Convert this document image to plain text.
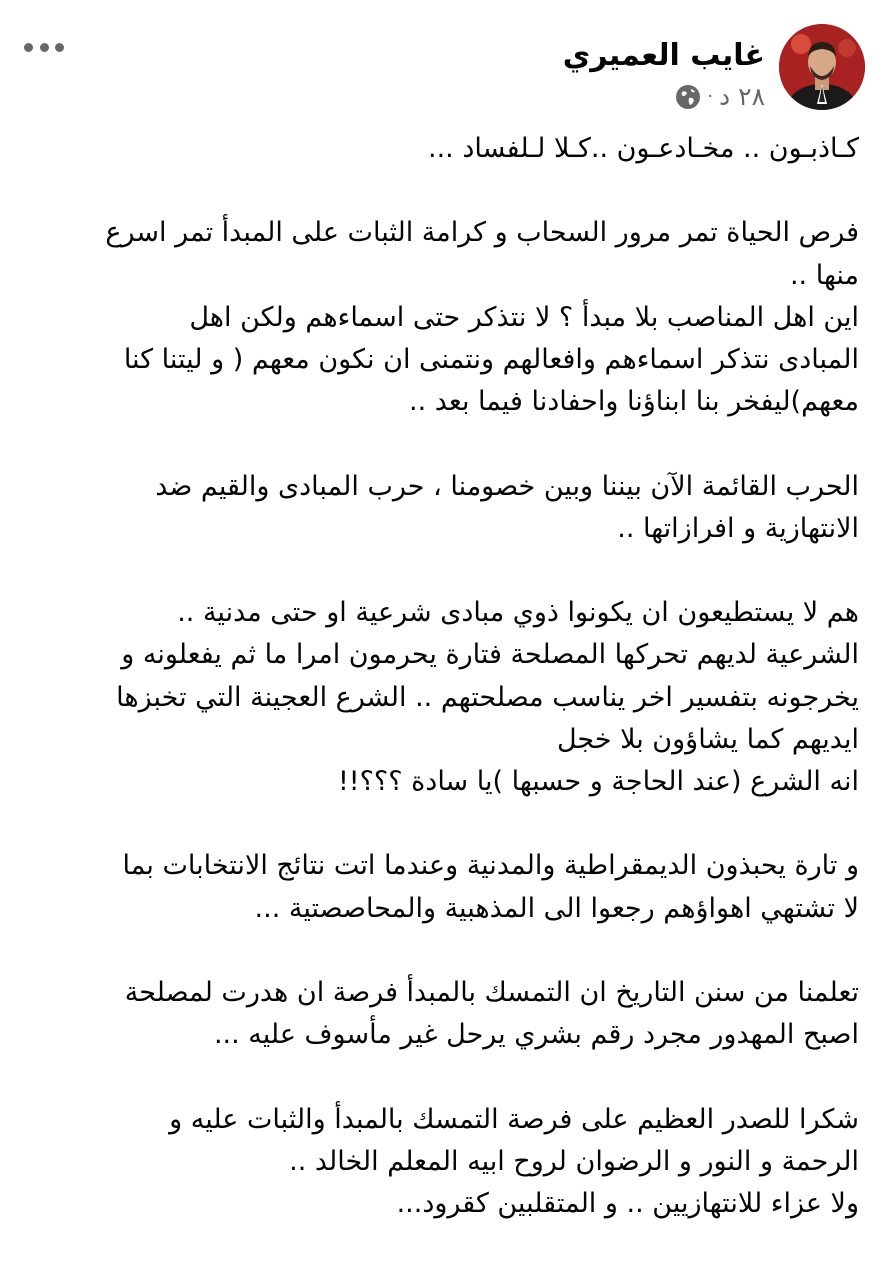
غايب العميري
٢٨ د
·
كـاذبـون .. مخـادعـون ..كـلا لـلفساد ...
فرص الحياة تمر مرور السحاب و كرامة الثبات على المبدأ تمر اسرع
منها ..
اين اهل المناصب بلا مبدأ ؟ لا نتذكر حتى اسماءهم ولكن اهل
المبادى نتذكر اسماءهم وافعالهم ونتمنى ان نكون معهم ( و ليتنا كنا
معهم)ليفخر بنا ابناؤنا واحفادنا فيما بعد ..
الحرب القائمة الآن بيننا وبين خصومنا ، حرب المبادى والقيم ضد
الانتهازية و افرازاتها ..
هم لا يستطيعون ان يكونوا ذوي مبادى شرعية او حتى مدنية ..
الشرعية لديهم تحركها المصلحة فتارة يحرمون امرا ما ثم يفعلونه و
يخرجونه بتفسير اخر يناسب مصلحتهم .. الشرع العجينة التي تخبزها
ايديهم كما يشاؤون بلا خجل
انه الشرع (عند الحاجة و حسبها )يا سادة ؟؟؟!!
و تارة يحبذون الديمقراطية والمدنية وعندما اتت نتائج الانتخابات بما
لا تشتهي اهواؤهم رجعوا الى المذهبية والمحاصصتية ...
تعلمنا من سنن التاريخ ان التمسك بالمبدأ فرصة ان هدرت لمصلحة
اصبح المهدور مجرد رقم بشري يرحل غير مأسوف عليه ...
شكرا للصدر العظيم على فرصة التمسك بالمبدأ والثبات عليه و
الرحمة و النور و الرضوان لروح ابيه المعلم الخالد ..
ولا عزاء للانتهازيين .. و المتقلبين كقرود...
